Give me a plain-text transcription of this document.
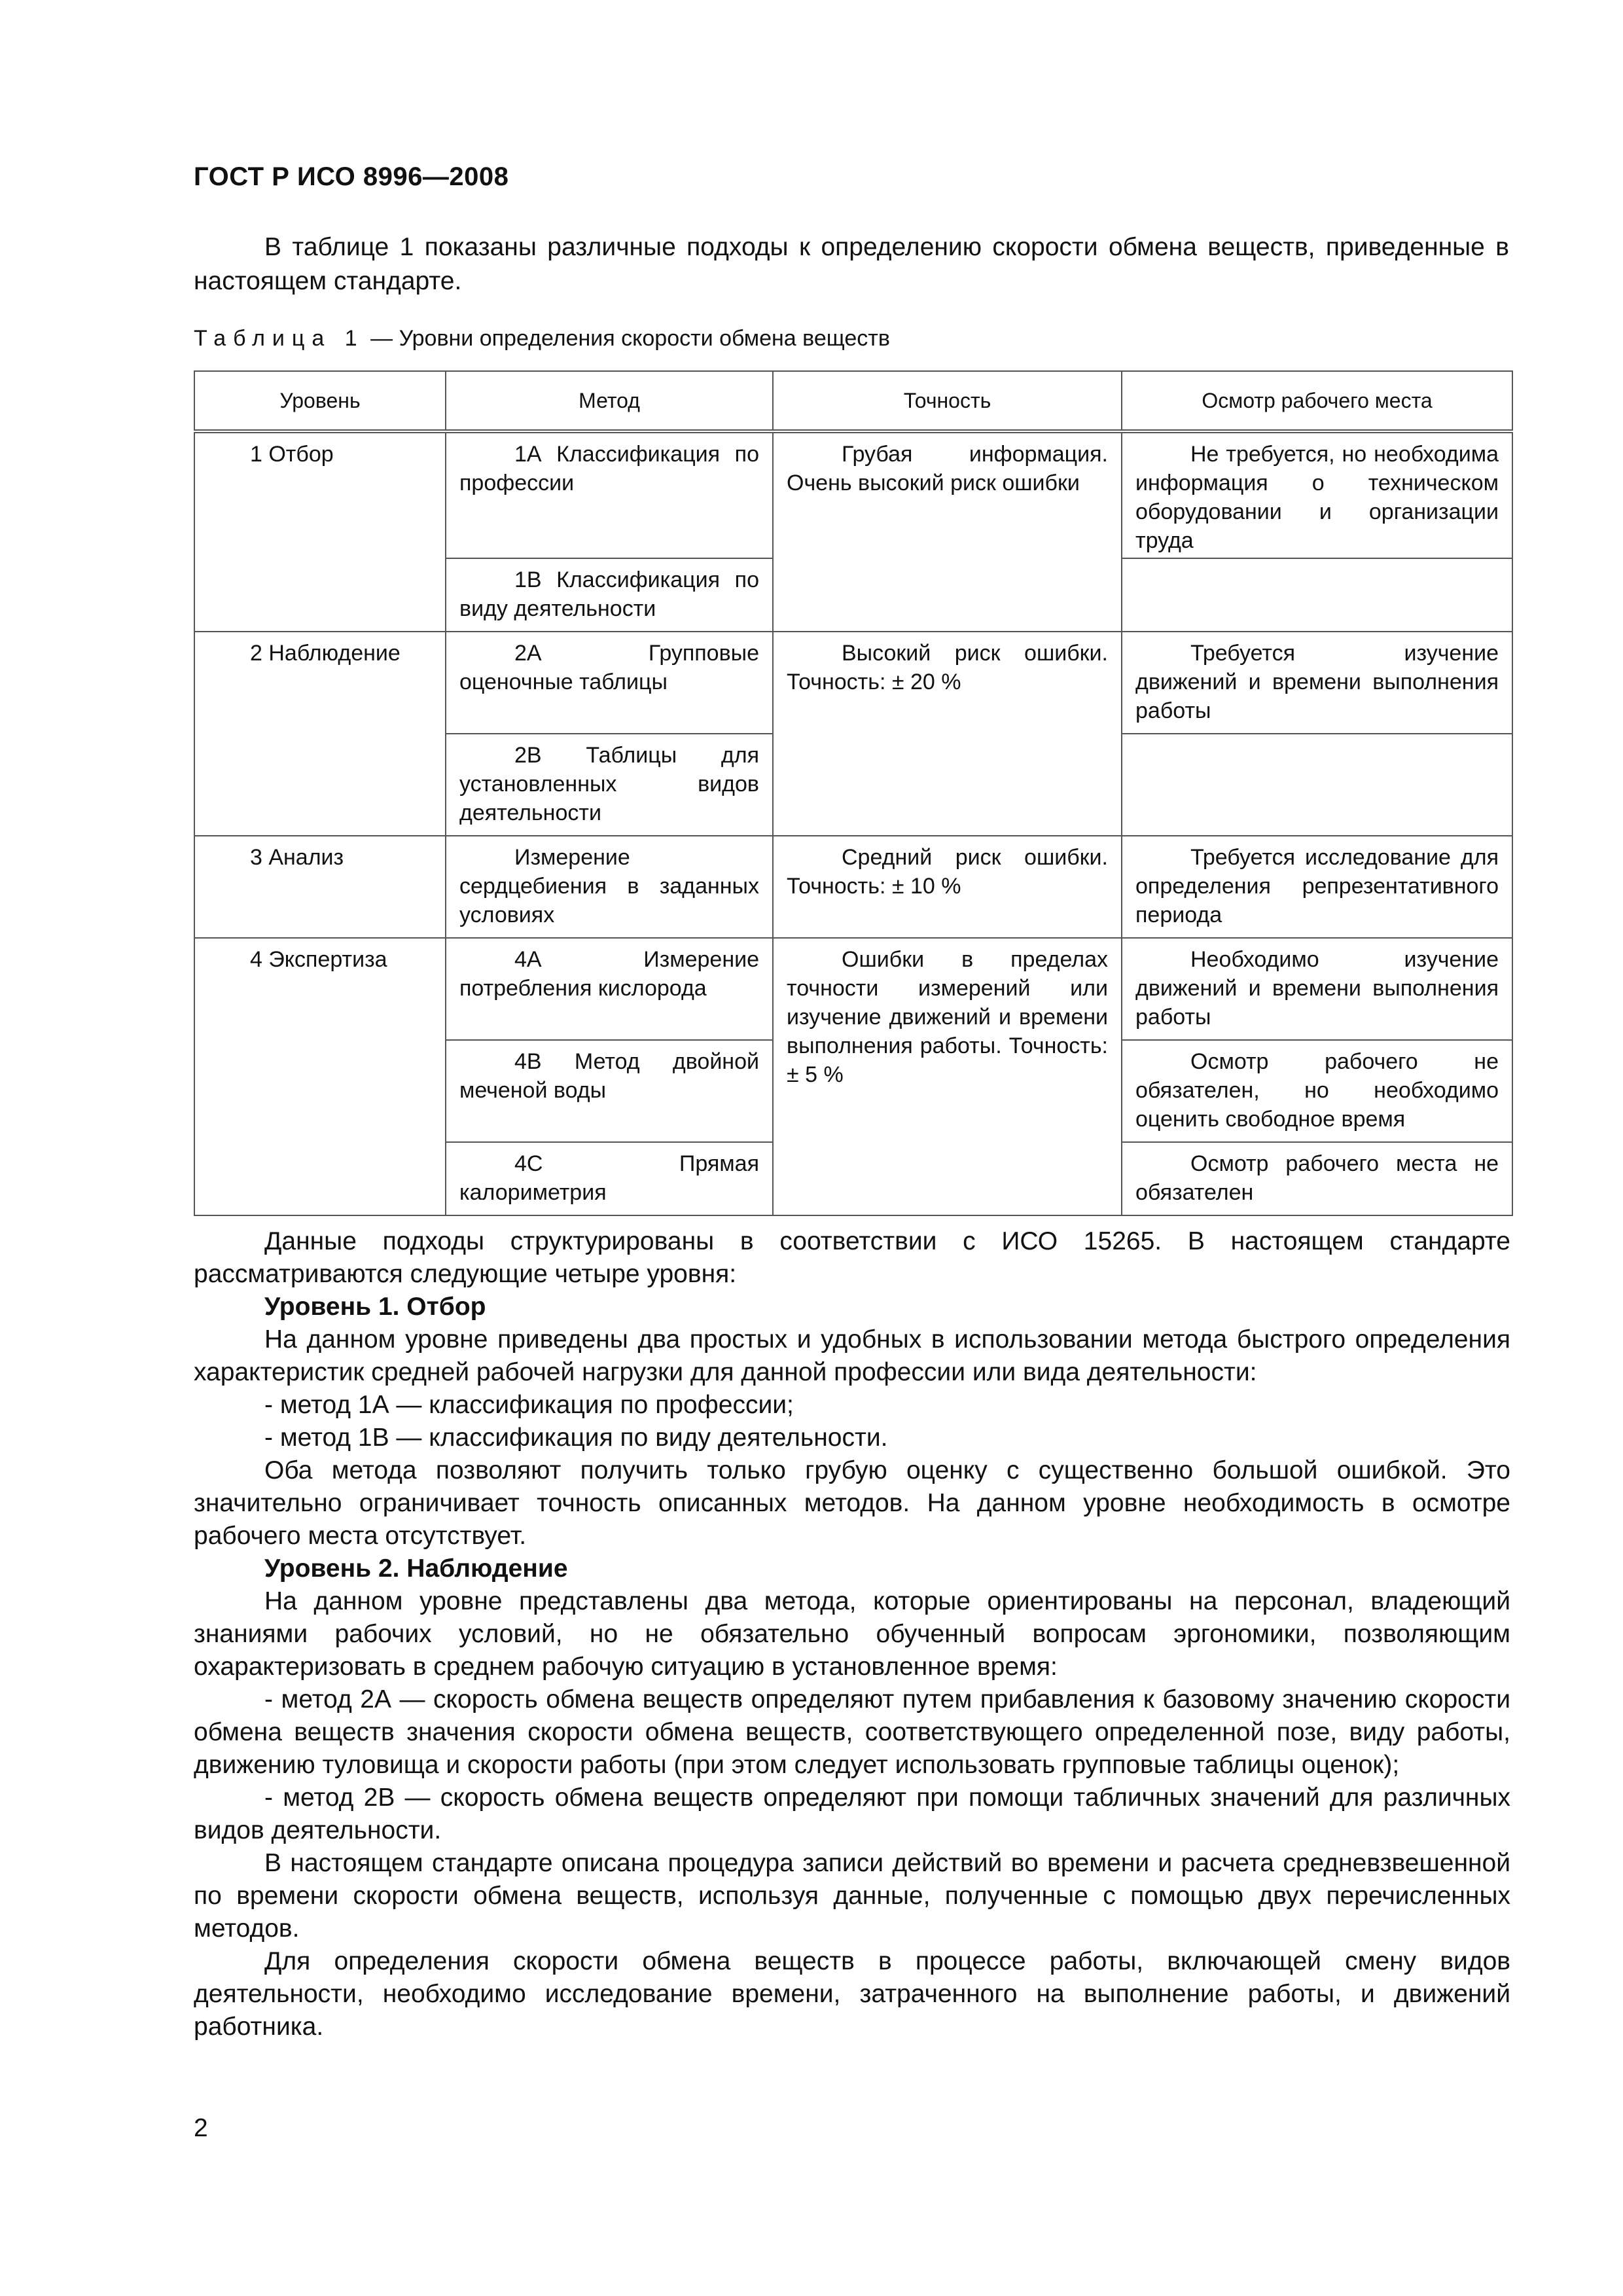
ГОСТ Р ИСО 8996—2008

В таблице 1 показаны различные подходы к определению скорости обмена веществ, приведенные в настоящем стандарте.

Таблица 1 — Уровни определения скорости обмена веществ
Уровень	Метод	Точность	Осмотр рабочего места
1 Отбор	1А Классификация по профессии	Грубая информация. Очень высокий риск ошибки	Не требуется, но необходима информация о техническом оборудовании и организации труда

	1В Классификация по виду деятельности		

2 Наблюдение	2А Групповые оценочные таблицы	Высокий риск ошибки. Точность: ± 20 %	Требуется изучение движений и времени выполнения работы

	2В Таблицы для установленных видов деятельности		

3 Анализ	Измерение сердцебиения в заданных условиях	Средний риск ошибки. Точность: ± 10 %	Требуется исследование для определения репрезентативного периода

4 Экспертиза	4А Измерение потребления кислорода	Ошибки в пределах точности измерений или изучение движений и времени выполнения работы. Точность: ± 5 %	Необходимо изучение движений и времени выполнения работы

	4В Метод двойной меченой воды		Осмотр рабочего не обязателен, но необходимо оценить свободное время

	4С Прямая калориметрия		Осмотр рабочего места не обязателен

Данные подходы структурированы в соответствии с ИСО 15265. В настоящем стандарте рассматриваются следующие четыре уровня:

Уровень 1. Отбор

На данном уровне приведены два простых и удобных в использовании метода быстрого определения характеристик средней рабочей нагрузки для данной профессии или вида деятельности:

- метод 1А — классификация по профессии;

- метод 1В — классификация по виду деятельности.

Оба метода позволяют получить только грубую оценку с существенно большой ошибкой. Это значительно ограничивает точность описанных методов. На данном уровне необходимость в осмотре рабочего места отсутствует.

Уровень 2. Наблюдение

На данном уровне представлены два метода, которые ориентированы на персонал, владеющий знаниями рабочих условий, но не обязательно обученный вопросам эргономики, позволяющим охарактеризовать в среднем рабочую ситуацию в установленное время:

- метод 2А — скорость обмена веществ определяют путем прибавления к базовому значению скорости обмена веществ значения скорости обмена веществ, соответствующего определенной позе, виду работы, движению туловища и скорости работы (при этом следует использовать групповые таблицы оценок);

- метод 2В — скорость обмена веществ определяют при помощи табличных значений для различных видов деятельности.

В настоящем стандарте описана процедура записи действий во времени и расчета средневзвешенной по времени скорости обмена веществ, используя данные, полученные с помощью двух перечисленных методов.

Для определения скорости обмена веществ в процессе работы, включающей смену видов деятельности, необходимо исследование времени, затраченного на выполнение работы, и движений работника.

2
